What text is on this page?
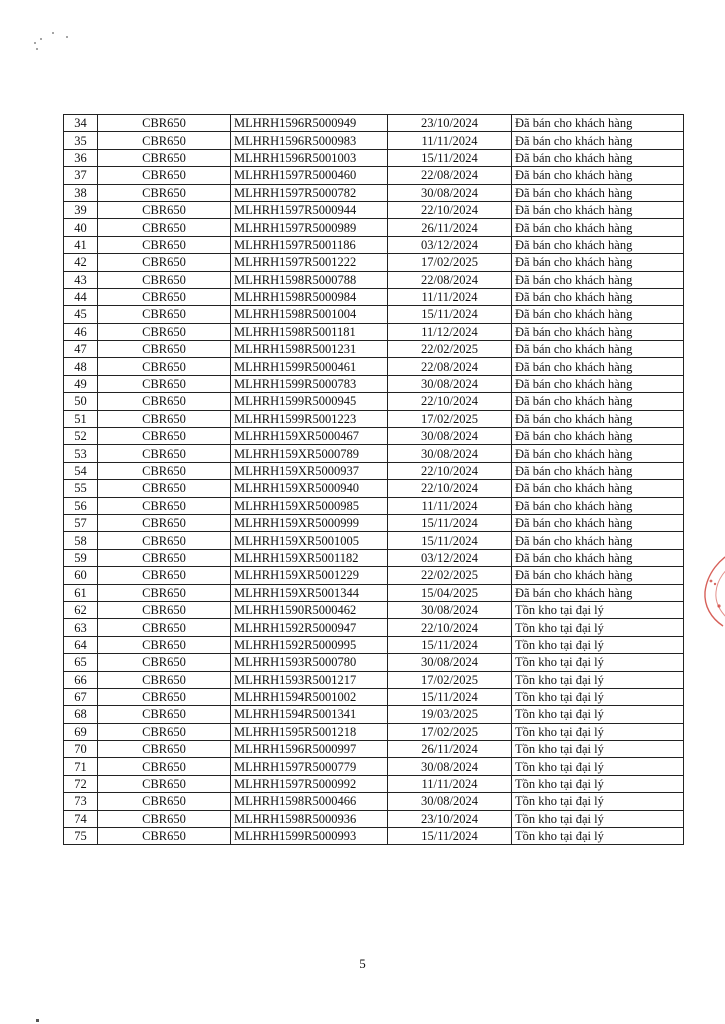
34	CBR650	MLHRH1596R5000949	23/10/2024	Đã bán cho khách hàng
35	CBR650	MLHRH1596R5000983	11/11/2024	Đã bán cho khách hàng
36	CBR650	MLHRH1596R5001003	15/11/2024	Đã bán cho khách hàng
37	CBR650	MLHRH1597R5000460	22/08/2024	Đã bán cho khách hàng
38	CBR650	MLHRH1597R5000782	30/08/2024	Đã bán cho khách hàng
39	CBR650	MLHRH1597R5000944	22/10/2024	Đã bán cho khách hàng
40	CBR650	MLHRH1597R5000989	26/11/2024	Đã bán cho khách hàng
41	CBR650	MLHRH1597R5001186	03/12/2024	Đã bán cho khách hàng
42	CBR650	MLHRH1597R5001222	17/02/2025	Đã bán cho khách hàng
43	CBR650	MLHRH1598R5000788	22/08/2024	Đã bán cho khách hàng
44	CBR650	MLHRH1598R5000984	11/11/2024	Đã bán cho khách hàng
45	CBR650	MLHRH1598R5001004	15/11/2024	Đã bán cho khách hàng
46	CBR650	MLHRH1598R5001181	11/12/2024	Đã bán cho khách hàng
47	CBR650	MLHRH1598R5001231	22/02/2025	Đã bán cho khách hàng
48	CBR650	MLHRH1599R5000461	22/08/2024	Đã bán cho khách hàng
49	CBR650	MLHRH1599R5000783	30/08/2024	Đã bán cho khách hàng
50	CBR650	MLHRH1599R5000945	22/10/2024	Đã bán cho khách hàng
51	CBR650	MLHRH1599R5001223	17/02/2025	Đã bán cho khách hàng
52	CBR650	MLHRH159XR5000467	30/08/2024	Đã bán cho khách hàng
53	CBR650	MLHRH159XR5000789	30/08/2024	Đã bán cho khách hàng
54	CBR650	MLHRH159XR5000937	22/10/2024	Đã bán cho khách hàng
55	CBR650	MLHRH159XR5000940	22/10/2024	Đã bán cho khách hàng
56	CBR650	MLHRH159XR5000985	11/11/2024	Đã bán cho khách hàng
57	CBR650	MLHRH159XR5000999	15/11/2024	Đã bán cho khách hàng
58	CBR650	MLHRH159XR5001005	15/11/2024	Đã bán cho khách hàng
59	CBR650	MLHRH159XR5001182	03/12/2024	Đã bán cho khách hàng
60	CBR650	MLHRH159XR5001229	22/02/2025	Đã bán cho khách hàng
61	CBR650	MLHRH159XR5001344	15/04/2025	Đã bán cho khách hàng
62	CBR650	MLHRH1590R5000462	30/08/2024	Tồn kho tại đại lý
63	CBR650	MLHRH1592R5000947	22/10/2024	Tồn kho tại đại lý
64	CBR650	MLHRH1592R5000995	15/11/2024	Tồn kho tại đại lý
65	CBR650	MLHRH1593R5000780	30/08/2024	Tồn kho tại đại lý
66	CBR650	MLHRH1593R5001217	17/02/2025	Tồn kho tại đại lý
67	CBR650	MLHRH1594R5001002	15/11/2024	Tồn kho tại đại lý
68	CBR650	MLHRH1594R5001341	19/03/2025	Tồn kho tại đại lý
69	CBR650	MLHRH1595R5001218	17/02/2025	Tồn kho tại đại lý
70	CBR650	MLHRH1596R5000997	26/11/2024	Tồn kho tại đại lý
71	CBR650	MLHRH1597R5000779	30/08/2024	Tồn kho tại đại lý
72	CBR650	MLHRH1597R5000992	11/11/2024	Tồn kho tại đại lý
73	CBR650	MLHRH1598R5000466	30/08/2024	Tồn kho tại đại lý
74	CBR650	MLHRH1598R5000936	23/10/2024	Tồn kho tại đại lý
75	CBR650	MLHRH1599R5000993	15/11/2024	Tồn kho tại đại lý
5
